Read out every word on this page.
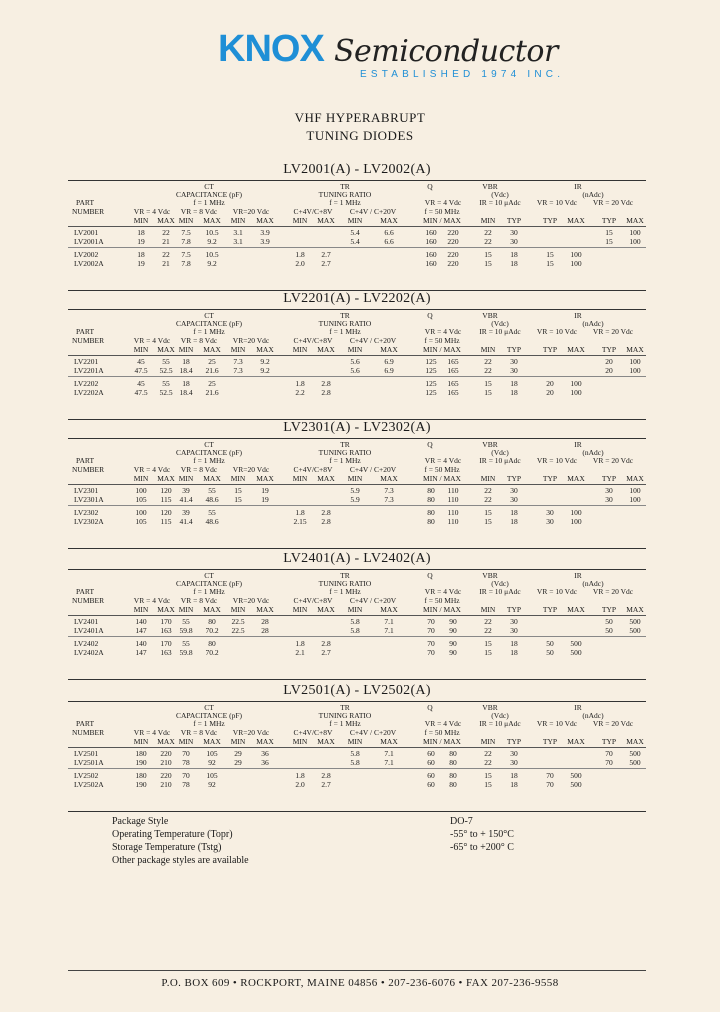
KNOX Semiconductor
ESTABLISHED 1974 INC.
VHF HYPERABRUPT
TUNING DIODES
LV2001(A) - LV2002(A)
CT	TR	Q	VBR	IR
CAPACITANCE (pF)	TUNING RATIO	(Vdc)	(nAdc)
PART	f = 1 MHz	f = 1 MHz	VR = 4 Vdc IR = 10 μAdc VR = 10 Vdc VR = 20 Vdc
NUMBER	VR = 4 Vdc VR = 8 Vdc VR=20 Vdc	C+4V/C+8V C+4V / C+20V	f = 50 MHz
MIN MAX MIN MAX MIN MAX	MIN MAX MIN MAX	MIN / MAX	MIN TYP	TYP MAX TYP MAX
LV2001	18 22 7.5 10.5 3.1 3.9	5.4	6.6	160 220	22 30	15 100
LV2001A	19 21 7.8 9.2 3.1 3.9	5.4	6.6	160 220	22 30	15 100
LV2002	18 22 7.5 10.5	1.8 2.7	160 220	15 18	15 100
LV2002A	19 21 7.8 9.2	2.0 2.7	160 220	15 18	15 100
LV2201(A) - LV2202(A)
CT	TR	Q	VBR	IR
CAPACITANCE (pF)	TUNING RATIO	(Vdc)	(nAdc)
PART	f = 1 MHz	f = 1 MHz	VR = 4 Vdc IR = 10 μAdc VR = 10 Vdc VR = 20 Vdc
NUMBER	VR = 4 Vdc VR = 8 Vdc VR=20 Vdc	C+4V/C+8V C+4V / C+20V	f = 50 MHz
MIN MAX MIN MAX MIN MAX	MIN MAX MIN MAX	MIN / MAX	MIN TYP	TYP MAX TYP MAX
LV2201	45 55 18 25 7.3 9.2	5.6	6.9	125 165	22 30	20 100
LV2201A	47.5 52.5 18.4 21.6 7.3 9.2	5.6	6.9	125 165	22 30	20 100
LV2202	45 55 18 25	1.8 2.8	125 165	15 18	20 100
LV2202A	47.5 52.5 18.4 21.6	2.2 2.8	125 165	15 18	20 100
LV2301(A) - LV2302(A)
CT	TR	Q	VBR	IR
CAPACITANCE (pF)	TUNING RATIO	(Vdc)	(nAdc)
PART	f = 1 MHz	f = 1 MHz	VR = 4 Vdc IR = 10 μAdc VR = 10 Vdc VR = 20 Vdc
NUMBER	VR = 4 Vdc VR = 8 Vdc VR=20 Vdc	C+4V/C+8V C+4V / C+20V	f = 50 MHz
MIN MAX MIN MAX MIN MAX	MIN MAX MIN MAX	MIN / MAX	MIN TYP	TYP MAX TYP MAX
LV2301	100 120 39 55 15	19	5.9	7.3	80 110	22 30	30 100
LV2301A	105 115 41.4 48.6 15	19	5.9	7.3	80 110	22 30	30 100
LV2302	100 120 39 55	1.8 2.8	80 110	15 18	30 100
LV2302A	105 115 41.4 48.6	2.15 2.8	80 110	15 18	30 100
LV2401(A) - LV2402(A)
CT	TR	Q	VBR	IR
CAPACITANCE (pF)	TUNING RATIO	(Vdc)	(nAdc)
PART	f = 1 MHz	f = 1 MHz	VR = 4 Vdc IR = 10 μAdc VR = 10 Vdc VR = 20 Vdc
NUMBER	VR = 4 Vdc VR = 8 Vdc VR=20 Vdc	C+4V/C+8V C+4V / C+20V	f = 50 MHz
MIN MAX MIN MAX MIN MAX	MIN MAX MIN MAX	MIN / MAX	MIN TYP	TYP MAX TYP MAX
LV2401	140 170 55 80 22.5 28	5.8	7.1	70 90	22 30	50 500
LV2401A	147 163 59.8 70.2 22.5 28	5.8	7.1	70 90	22 30	50 500
LV2402	140 170 55 80	1.8 2.8	70 90	15 18	50 500
LV2402A	147 163 59.8 70.2	2.1 2.7	70 90	15 18	50 500
LV2501(A) - LV2502(A)
CT	TR	Q	VBR	IR
CAPACITANCE (pF)	TUNING RATIO	(Vdc)	(nAdc)
PART	f = 1 MHz	f = 1 MHz	VR = 4 Vdc IR = 10 μAdc VR = 10 Vdc VR = 20 Vdc
NUMBER	VR = 4 Vdc VR = 8 Vdc VR=20 Vdc	C+4V/C+8V C+4V / C+20V	f = 50 MHz
MIN MAX MIN MAX MIN MAX	MIN MAX MIN MAX	MIN / MAX	MIN TYP	TYP MAX TYP MAX
LV2501	180 220 70 105 29	36	5.8	7.1	60 80	22 30	70 500
LV2501A	190 210 78 92 29	36	5.8	7.1	60 80	22 30	70 500
LV2502	180 220 70 105	1.8 2.8	60 80	15 18	70 500
LV2502A	190 210 78 92	2.0 2.7	60 80	15 18	70 500
Package Style	DO-7
Operating Temperature (Topr)	-55° to + 150°C
Storage Temperature (Tstg)	-65° to +200° C
Other package styles are available
P.O. BOX 609 • ROCKPORT, MAINE 04856 • 207-236-6076 • FAX 207-236-9558
